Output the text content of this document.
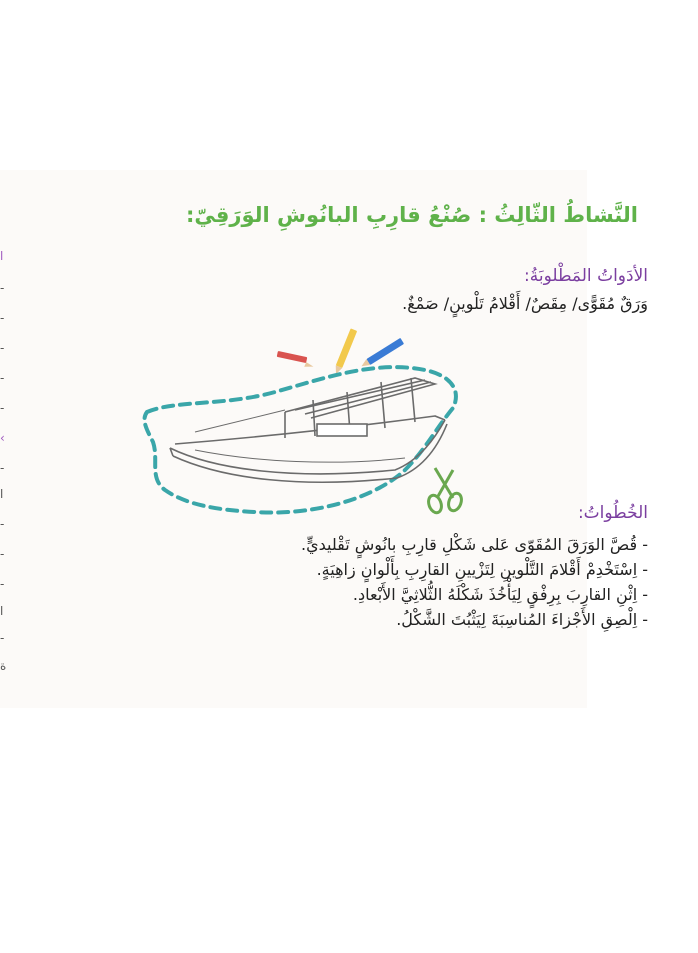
ا
-
-
-
-
-
‹
-
ا
-
-
-
ا
-
ة
النَّشاطُ الثّالِثُ : صُنْعُ قارِبِ البانُوشِ الوَرَقِيّ:
الأدَواتُ المَطْلوبَةُ:
وَرَقٌ مُقَوًّى/ مِقَصٌ/ أَقْلامُ تَلْوينٍ/ صَمْغٌ.
الخُطُواتُ:
- قُصَّ الوَرَقَ المُقَوّى عَلى شَكْلِ قارِبِ بانُوشٍ تَقْليديٍّ.
- اِسْتَخْدِمْ أَقْلامَ التَّلْوينِ لِتَزْيينِ القارِبِ بِأَلْوانٍ زاهِيَةٍ.
- اِثْنِ القارِبَ بِرِفْقٍ لِيَأْخُذَ شَكْلَهُ الثُّلاثِيَّ الأَبْعادِ.
- اِلْصِقِ الأَجْزاءَ المُناسِبَةَ لِيَثْبُتَ الشَّكْلُ.
